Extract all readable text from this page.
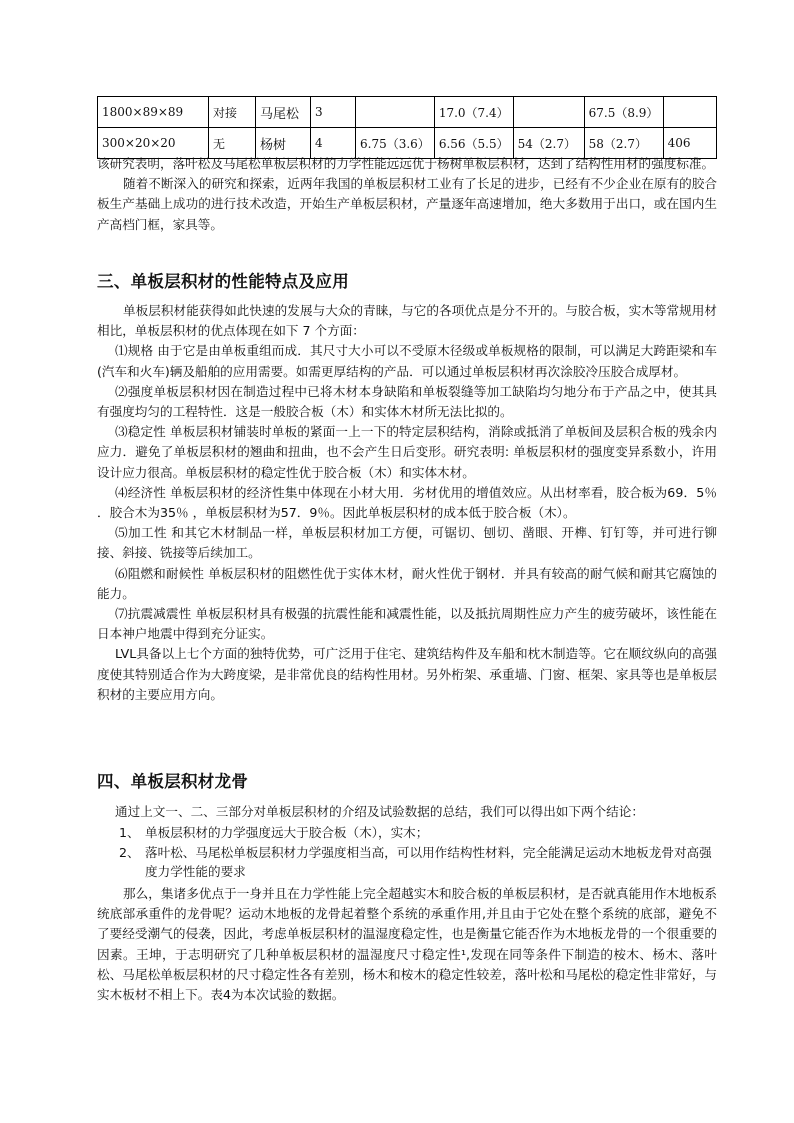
1800×89×89	对接	马尾松	3		17.0（7.4）		67.5（8.9）	
300×20×20	无	杨树	4	6.75（3.6）	6.56（5.5）	54（2.7）	58（2.7）	406

该研究表明，落叶松及马尾松单板层积材的力学性能远远优于杨树单板层积材，达到了结构性用材的强度标准。

随着不断深入的研究和探索，近两年我国的单板层积材工业有了长足的进步，已经有不少企业在原有的胶合板生产基础上成功的进行技术改造，开始生产单板层积材，产量逐年高速增加，绝大多数用于出口，或在国内生产高档门框，家具等。

三、单板层积材的性能特点及应用

单板层积材能获得如此快速的发展与大众的青睐，与它的各项优点是分不开的。与胶合板，实木等常规用材相比，单板层积材的优点体现在如下 7 个方面：

⑴规格 由于它是由单板重组而成．其尺寸大小可以不受原木径级或单板规格的限制，可以满足大跨距梁和车(汽车和火车)辆及船舶的应用需要。如需更厚结构的产品．可以通过单板层积材再次涂胶冷压胶合成厚材。

⑵强度单板层积材因在制造过程中已将木材本身缺陷和单板裂缝等加工缺陷均匀地分布于产品之中，使其具有强度均匀的工程特性．这是一般胶合板（木）和实体木材所无法比拟的。

⑶稳定性 单板层积材铺装时单板的紧面一上一下的特定层积结构，消除或抵消了单板间及层积合板的残余内应力．避免了单板层积材的翘曲和扭曲，也不会产生日后变形。研究表明: 单板层积材的强度变异系数小，许用设计应力很高。单板层积材的稳定性优于胶合板（木）和实体木材。

⑷经济性 单板层积材的经济性集中体现在小材大用．劣材优用的增值效应。从出材率看，胶合板为69．5％ ．胶合木为35％ ，单板层积材为57．9％。因此单板层积材的成本低于胶合板（木）。

⑸加工性 和其它木材制品一样，单板层积材加工方便，可锯切、刨切、凿眼、开榫、钉钉等，并可进行铆接、斜接、铣接等后续加工。

⑹阻燃和耐候性 单板层积材的阻燃性优于实体木材，耐火性优于钢材．并具有较高的耐气候和耐其它腐蚀的能力。

⑺抗震减震性 单板层积材具有极强的抗震性能和减震性能，以及抵抗周期性应力产生的疲劳破坏，该性能在日本神户地震中得到充分证实。

LVL具备以上七个方面的独特优势，可广泛用于住宅、建筑结构件及车船和枕木制造等。它在顺纹纵向的高强度使其特别适合作为大跨度梁，是非常优良的结构性用材。另外桁架、承重墙、门窗、框架、家具等也是单板层积材的主要应用方向。

四、单板层积材龙骨

通过上文一、二、三部分对单板层积材的介绍及试验数据的总结，我们可以得出如下两个结论：

1、 单板层积材的力学强度远大于胶合板（木），实木；
2、 落叶松、马尾松单板层积材力学强度相当高，可以用作结构性材料，完全能满足运动木地板龙骨对高强度力学性能的要求

那么，集诸多优点于一身并且在力学性能上完全超越实木和胶合板的单板层积材，是否就真能用作木地板系统底部承重件的龙骨呢？运动木地板的龙骨起着整个系统的承重作用,并且由于它处在整个系统的底部，避免不了要经受潮气的侵袭，因此，考虑单板层积材的温湿度稳定性，也是衡量它能否作为木地板龙骨的一个很重要的因素。王坤，于志明研究了几种单板层积材的温湿度尺寸稳定性¹,发现在同等条件下制造的桉木、杨木、落叶松、马尾松单板层积材的尺寸稳定性各有差别，杨木和桉木的稳定性较差，落叶松和马尾松的稳定性非常好，与实木板材不相上下。表4为本次试验的数据。
